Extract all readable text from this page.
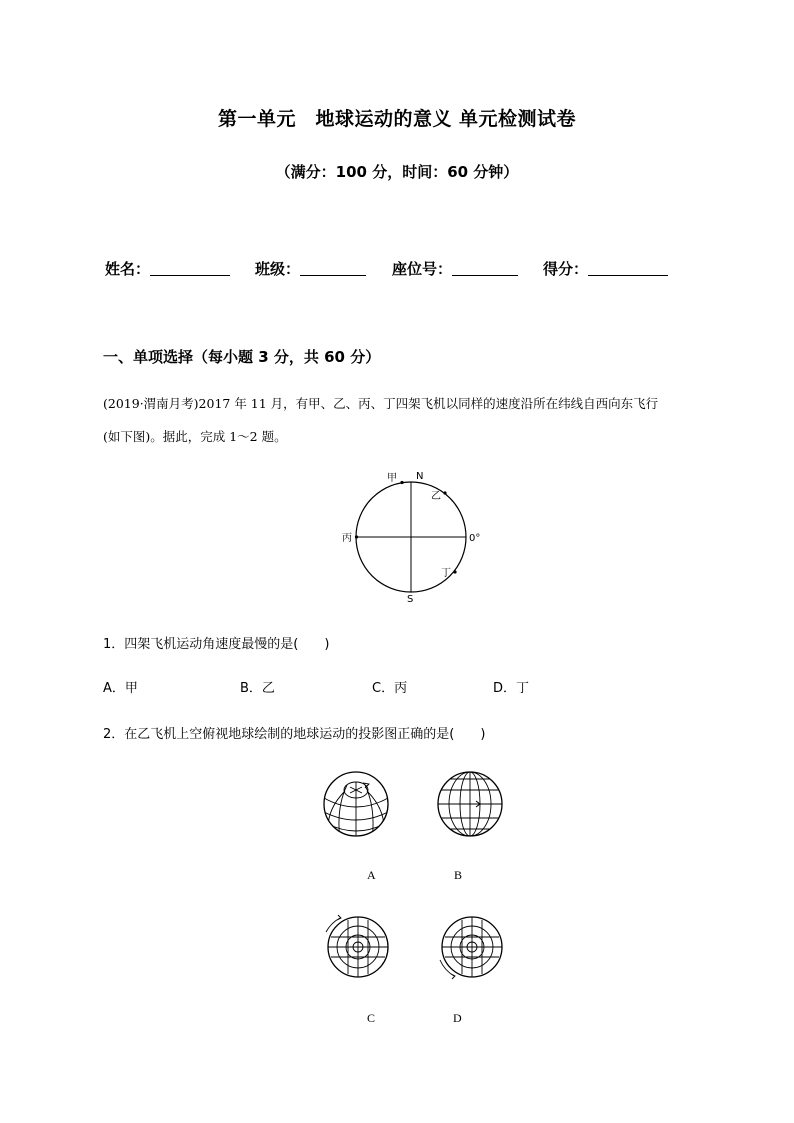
第一单元　地球运动的意义 单元检测试卷
（满分：100 分，时间：60 分钟）
姓名：	班级：	座位号：	得分：
一、单项选择（每小题 3 分，共 60 分）
(2019·渭南月考)2017 年 11 月，有甲、乙、丙、丁四架飞机以同样的速度沿所在纬线自西向东飞行
(如下图)。据此，完成 1～2 题。
甲 N
乙
丙	0°
丁
S
1．四架飞机运动角速度最慢的是(　　)
A．甲	B．乙	C．丙	D．丁
2．在乙飞机上空俯视地球绘制的地球运动的投影图正确的是(　　)
A	B
C	D
